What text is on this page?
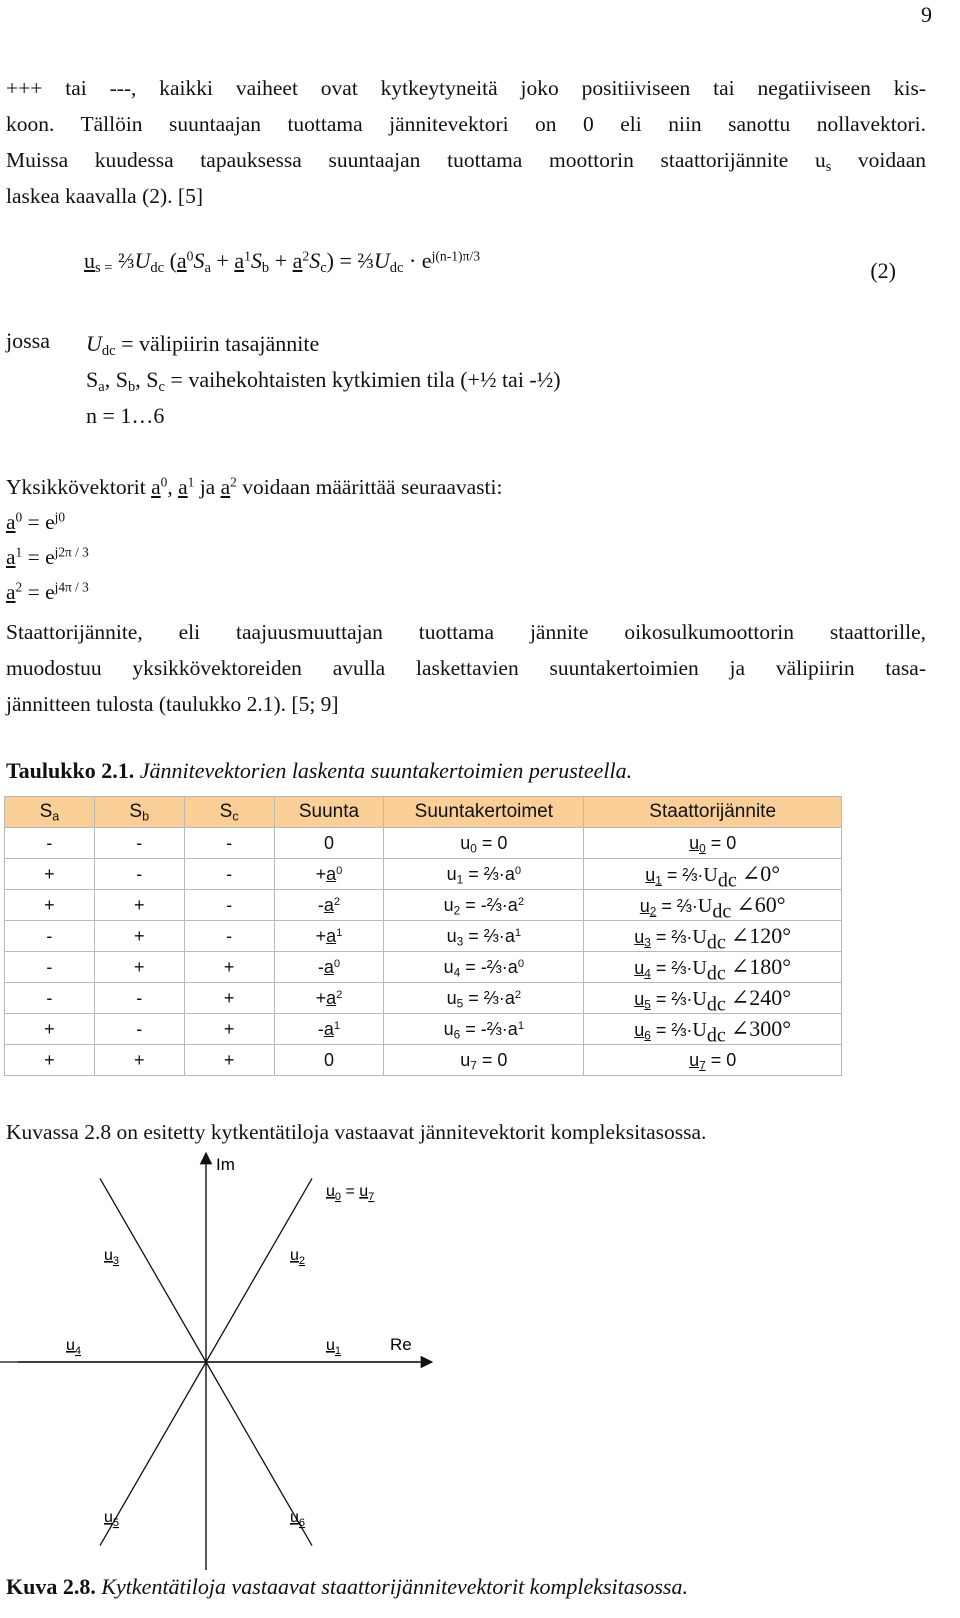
9
+++ tai ---, kaikki vaiheet ovat kytkeytyneitä joko positiiviseen tai negatiiviseen kis-
koon. Tällöin suuntaajan tuottama jännitevektori on 0 eli niin sanottu nollavektori.
Muissa kuudessa tapauksessa suuntaajan tuottama moottorin staattorijännite $u_s$ voidaan
laskea kaavalla (2). [5]
$u_{s =}$ $\frac{2}{3}U_{dc}$ $(a^0S_a + a^1S_b + a^2S_c)$ = $\frac{2}{3}U_{dc} \cdot e^{j(n-1)\pi/3}$
(2)
jossa $U_{dc}$ = välipiirin tasajännite
$S_a$, $S_b$, $S_c$ = vaihekohtaisten kytkimien tila (+½ tai -½)
n = 1…6
Yksikkövektorit $a^0$, $a^1$ ja $a^2$ voidaan määrittää seuraavasti:
$a^0 = e^{j0}$
$a^1 = e^{j2\pi / 3}$
$a^2 = e^{j4\pi / 3}$
Staattorijännite, eli taajuusmuuttajan tuottama jännite oikosulkumoottorin staattorille,
muodostuu yksikkövektoreiden avulla laskettavien suuntakertoimien ja välipiirin tasa-
jännitteen tulosta (taulukko 2.1). [5; 9]
Taulukko 2.1. Jännitevektorien laskenta suuntakertoimien perusteella.
$S_a$	$S_b$	$S_c$	Suunta	Suuntakertoimet	Staattorijännite
-	-	-	0	$u_0 = 0$	$u_0 = 0$
+	-	-	$+a^0$	$u_1$ = $\frac{2}{3}\cdot a^0$	$u_1$ = $\frac{2}{3}\cdot U_{dc}$ ∠0°
+	+	-	$-a^2$	$u_2$ = $-\frac{2}{3}\cdot a^2$	$u_2$ = $\frac{2}{3}\cdot U_{dc}$ ∠60°
-	+	-	$+a^1$	$u_3$ = $\frac{2}{3}\cdot a^1$	$u_3$ = $\frac{2}{3}\cdot U_{dc}$ ∠120°
-	+	+	$-a^0$	$u_4$ = $-\frac{2}{3}\cdot a^0$	$u_4$ = $\frac{2}{3}\cdot U_{dc}$ ∠180°
-	-	+	$+a^2$	$u_5$ = $\frac{2}{3}\cdot a^2$	$u_5$ = $\frac{2}{3}\cdot U_{dc}$ ∠240°
+	-	+	$-a^1$	$u_6$ = $-\frac{2}{3}\cdot a^1$	$u_6$ = $\frac{2}{3}\cdot U_{dc}$ ∠300°
+	+	+	0	$u_7 = 0$	$u_7 = 0$
Kuvassa 2.8 on esitetty kytkentätiloja vastaavat jännitevektorit kompleksitasossa.
Im
Re
$u_1$
$u_2$
$u_3$
$u_4$
$u_5$	$u_6$
$u_0 = u_7$
Kuva 2.8. Kytkentätiloja vastaavat staattorijännitevektorit kompleksitasossa.
